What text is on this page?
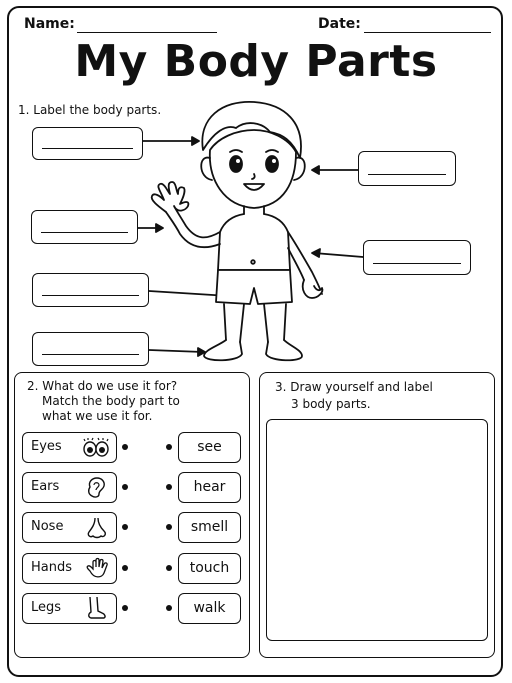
Name:	Date:
My Body Parts
1. Label the body parts.
2. What do we use it for?
Match the body part to
what we use it for.
Eyes
Ears
Nose
Hands
Legs
see
hear
smell
touch
walk
3. Draw yourself and label
3 body parts.
